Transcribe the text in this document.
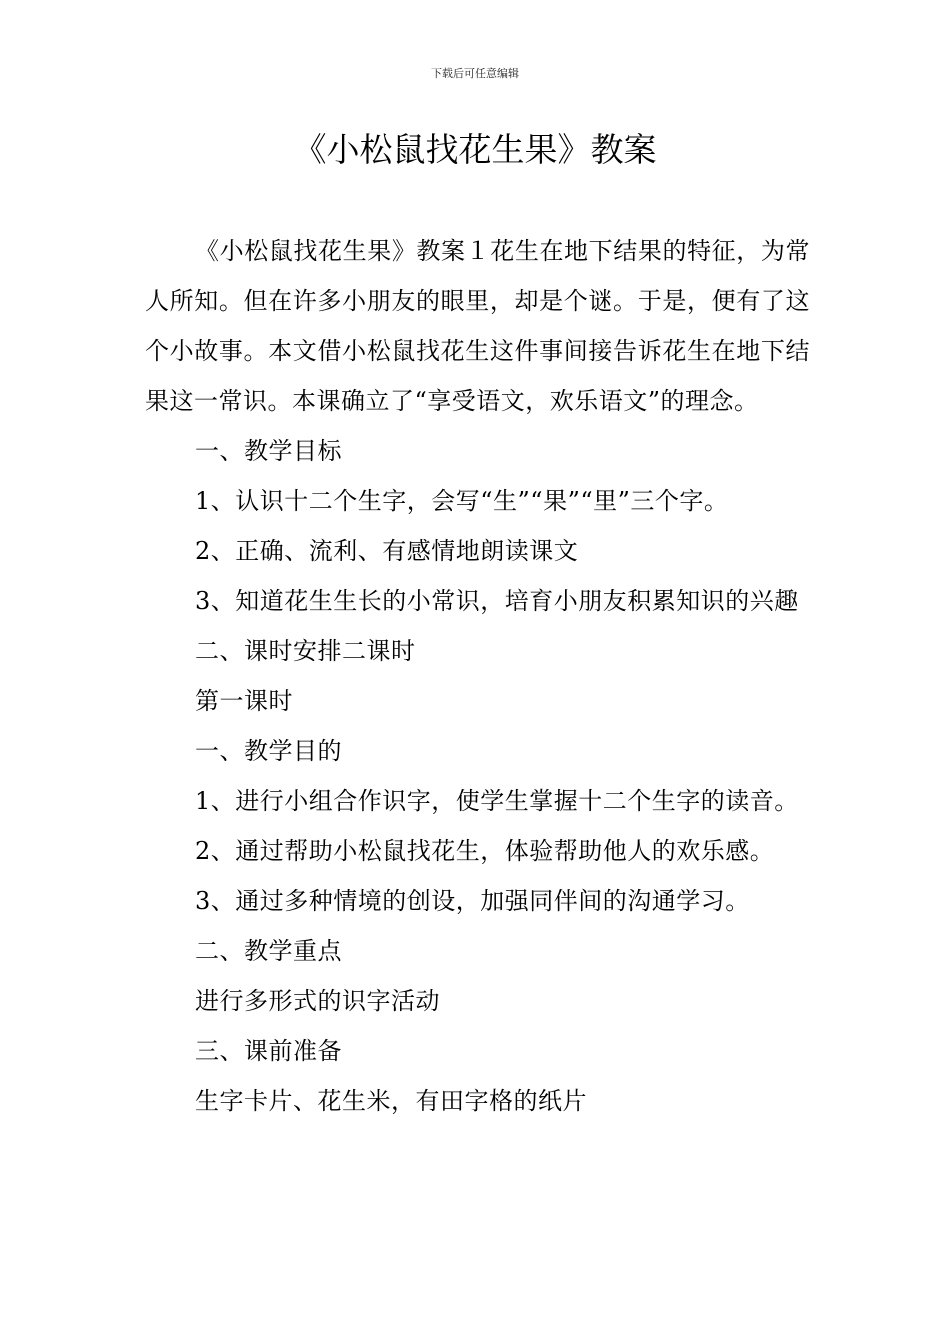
下载后可任意编辑
《小松鼠找花生果》教案

《小松鼠找花生果》教案１花生在地下结果的特征，为常人所知。但在许多小朋友的眼里，却是个谜。于是，便有了这个小故事。本文借小松鼠找花生这件事间接告诉花生在地下结果这一常识。本课确立了“享受语文，欢乐语文”的理念。

一、教学目标

1、认识十二个生字，会写“生”“果”“里”三个字。

2、正确、流利、有感情地朗读课文

3、知道花生生长的小常识，培育小朋友积累知识的兴趣

二、课时安排二课时

第一课时

一、教学目的

1、进行小组合作识字，使学生掌握十二个生字的读音。

2、通过帮助小松鼠找花生，体验帮助他人的欢乐感。

3、通过多种情境的创设，加强同伴间的沟通学习。

二、教学重点

进行多形式的识字活动

三、课前准备

生字卡片、花生米，有田字格的纸片
